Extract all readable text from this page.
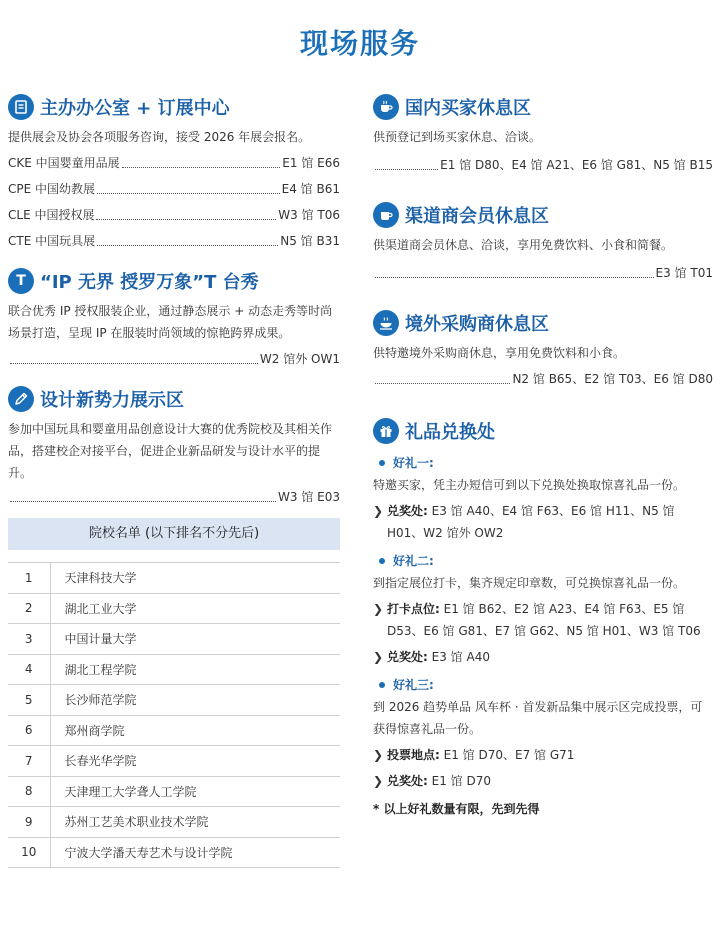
现场服务
主办办公室 + 订展中心
提供展会及协会各项服务咨询，接受 2026 年展会报名。
CKE 中国婴童用品展	E1 馆 E66
CPE 中国幼教展	E4 馆 B61
CLE 中国授权展	W3 馆 T06
CTE 中国玩具展	N5 馆 B31
T “IP 无界 授罗万象”T 台秀
联合优秀 IP 授权服装企业，通过静态展示 + 动态走秀等时尚场景打造，呈现 IP 在服装时尚领域的惊艳跨界成果。
W2 馆外 OW1
设计新势力展示区
参加中国玩具和婴童用品创意设计大赛的优秀院校及其相关作品，搭建校企对接平台，促进企业新品研发与设计水平的提升。
W3 馆 E03
院校名单 (以下排名不分先后)
1	天津科技大学
2	湖北工业大学
3	中国计量大学
4	湖北工程学院
5	长沙师范学院
6	郑州商学院
7	长春光华学院
8	天津理工大学聋人工学院
9	苏州工艺美术职业技术学院
10	宁波大学潘天寿艺术与设计学院
国内买家休息区
供预登记到场买家休息、洽谈。
E1 馆 D80、E4 馆 A21、E6 馆 G81、N5 馆 B15
渠道商会员休息区
供渠道商会员休息、洽谈，享用免费饮料、小食和简餐。
E3 馆 T01
境外采购商休息区
供特邀境外采购商休息，享用免费饮料和小食。
N2 馆 B65、E2 馆 T03、E6 馆 D80
礼品兑换处
好礼一:
特邀买家，凭主办短信可到以下兑换处换取惊喜礼品一份。
❯ 兑奖处: E3 馆 A40、E4 馆 F63、E6 馆 H11、N5 馆 H01、W2 馆外 OW2
好礼二:
到指定展位打卡，集齐规定印章数，可兑换惊喜礼品一份。
❯ 打卡点位: E1 馆 B62、E2 馆 A23、E4 馆 F63、E5 馆 D53、E6 馆 G81、E7 馆 G62、N5 馆 H01、W3 馆 T06
❯ 兑奖处: E3 馆 A40
好礼三:
到 2026 趋势单品 风车杯 · 首发新品集中展示区完成投票，可获得惊喜礼品一份。
❯ 投票地点: E1 馆 D70、E7 馆 G71
❯ 兑奖处: E1 馆 D70
* 以上好礼数量有限，先到先得
